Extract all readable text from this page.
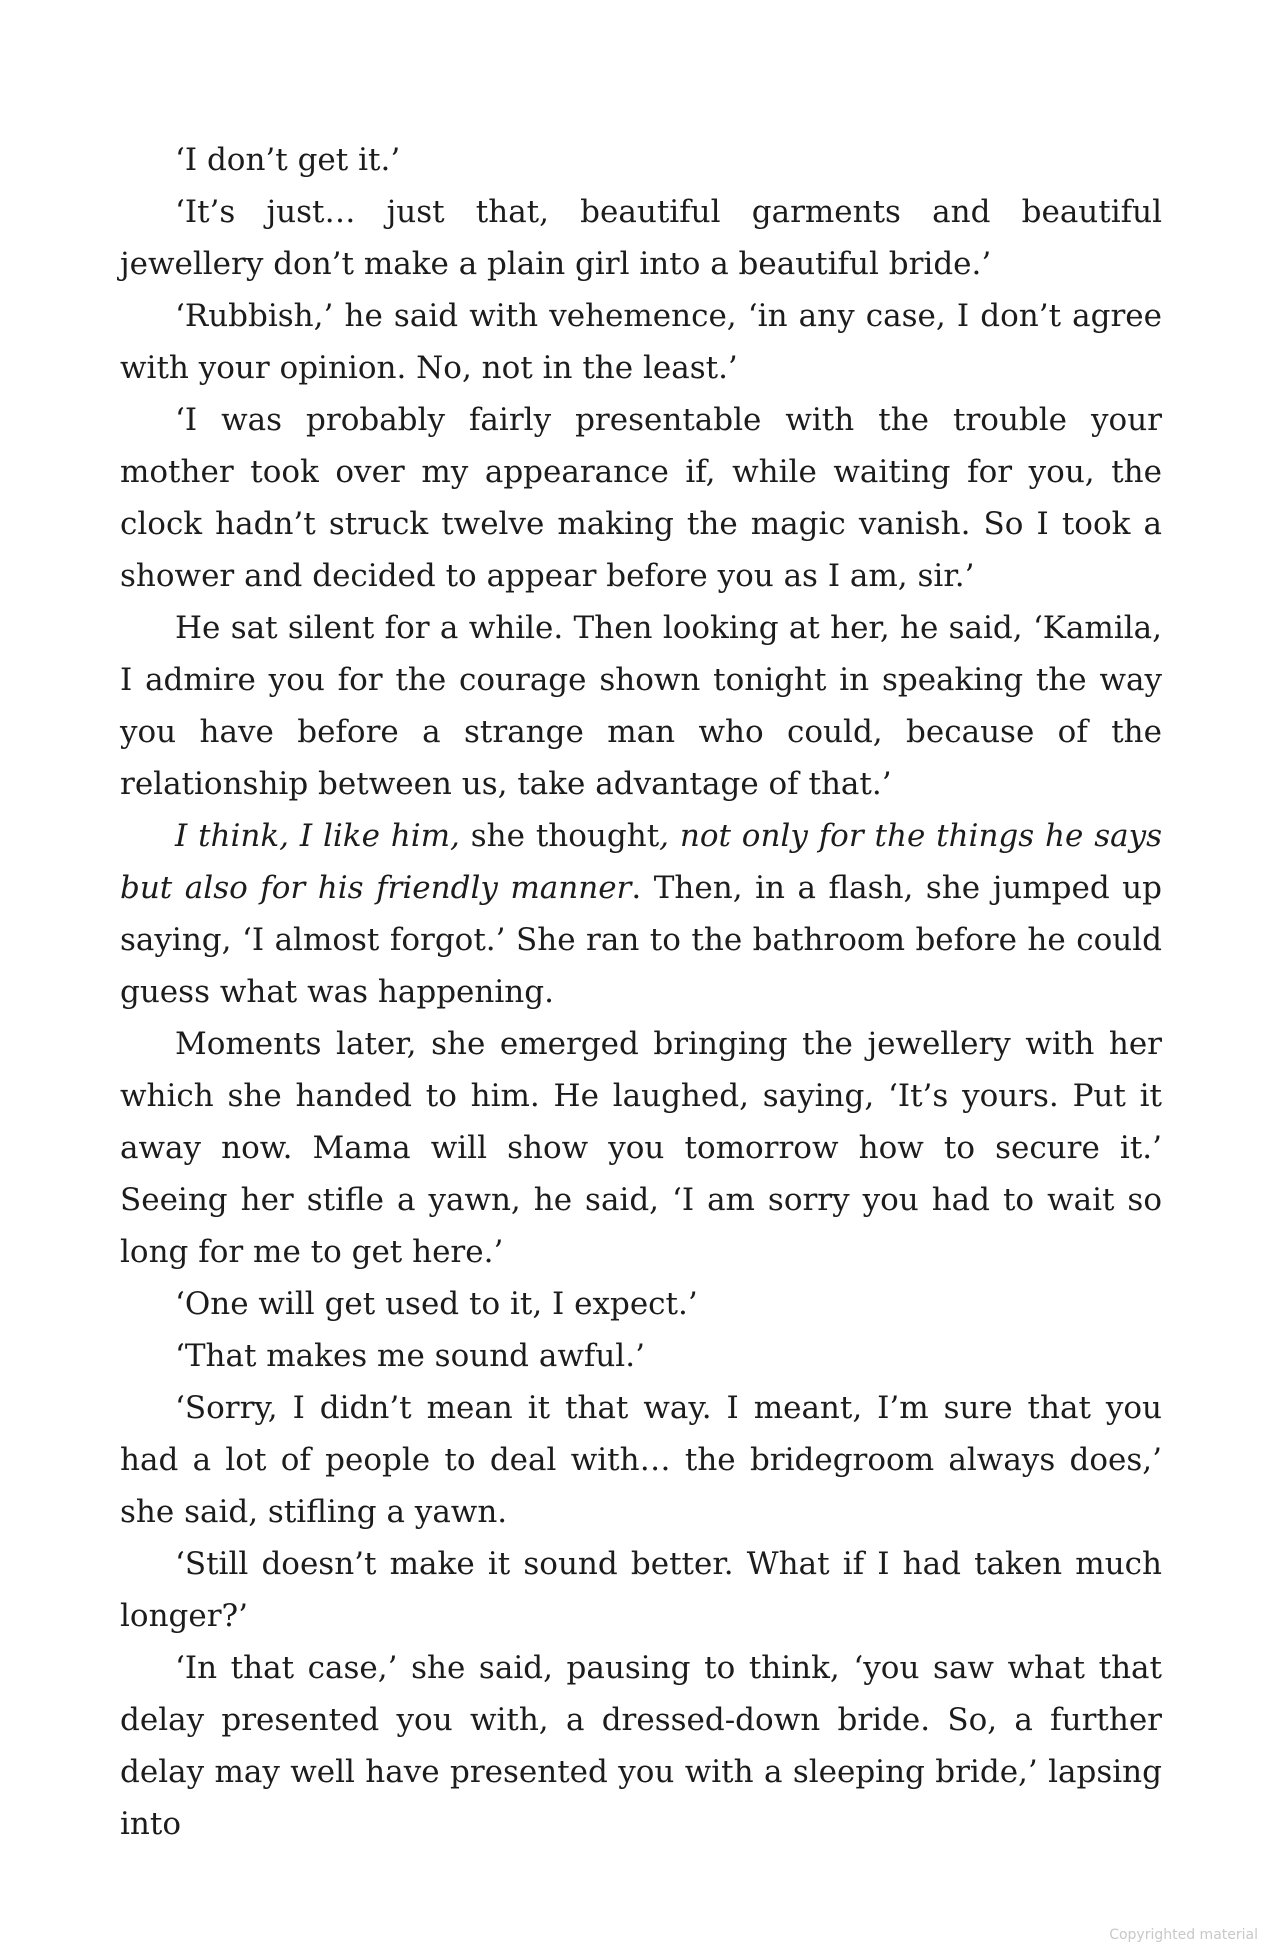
‘I don’t get it.’

‘It’s just… just that, beautiful garments and beautiful jewellery don’t make a plain girl into a beautiful bride.’

‘Rubbish,’ he said with vehemence, ‘in any case, I don’t agree with your opinion. No, not in the least.’

‘I was probably fairly presentable with the trouble your mother took over my appearance if, while waiting for you, the clock hadn’t struck twelve making the magic vanish. So I took a shower and decided to appear before you as I am, sir.’

He sat silent for a while. Then looking at her, he said, ‘Kamila, I admire you for the courage shown tonight in speaking the way you have before a strange man who could, because of the relationship between us, take advantage of that.’

I think, I like him, she thought, not only for the things he says but also for his friendly manner. Then, in a flash, she jumped up saying, ‘I almost forgot.’ She ran to the bathroom before he could guess what was happening.

Moments later, she emerged bringing the jewellery with her which she handed to him. He laughed, saying, ‘It’s yours. Put it away now. Mama will show you tomorrow how to secure it.’ Seeing her stifle a yawn, he said, ‘I am sorry you had to wait so long for me to get here.’

‘One will get used to it, I expect.’

‘That makes me sound awful.’

‘Sorry, I didn’t mean it that way. I meant, I’m sure that you had a lot of people to deal with… the bridegroom always does,’ she said, stifling a yawn.

‘Still doesn’t make it sound better. What if I had taken much longer?’

‘In that case,’ she said, pausing to think, ‘you saw what that delay presented you with, a dressed-down bride. So, a further delay may well have presented you with a sleeping bride,’ lapsing into

Copyrighted material
